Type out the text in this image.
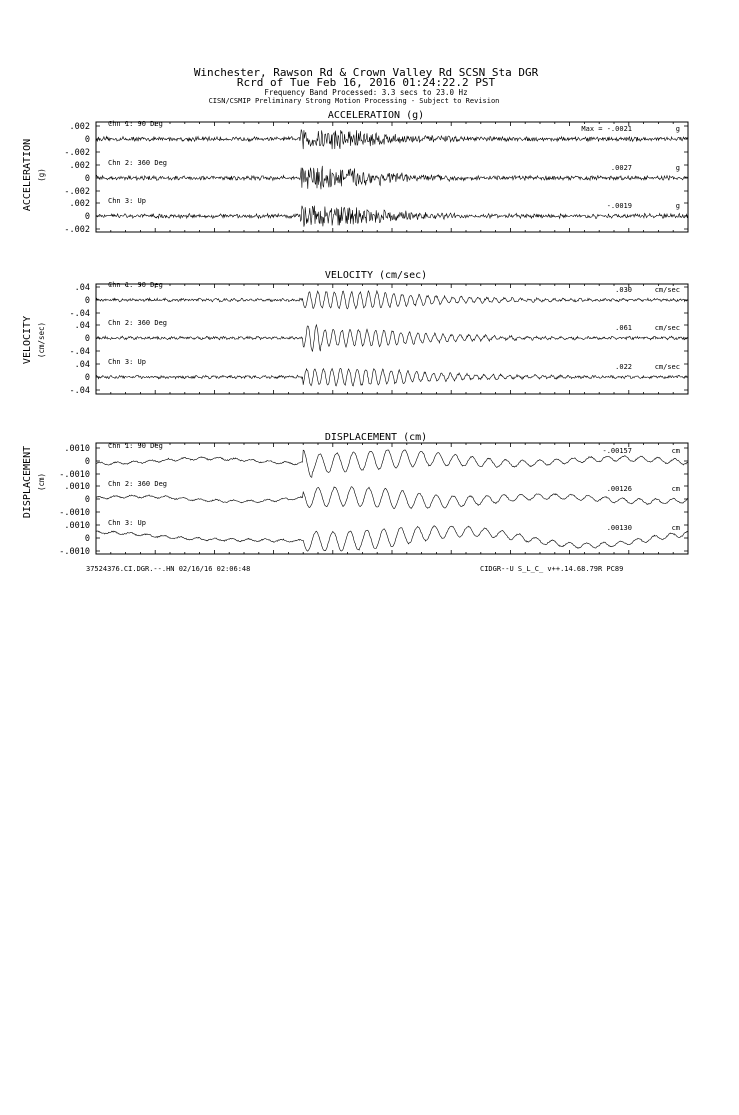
Winchester, Rawson Rd & Crown Valley Rd SCSN Sta DGR
Rcrd of Tue Feb 16, 2016 01:24:22.2 PST
Frequency Band Processed: 3.3 secs to 23.0 Hz
CISN/CSMIP Preliminary Strong Motion Processing - Subject to Revision
ACCELERATION (g)
ACCELERATION (g)
.002
0
-.002
Chn 1: 90 Deg
Max = -.0021	g
.002
0
-.002
Chn 2: 360 Deg
.0027	g
.002
0
-.002
Chn 3: Up
-.0019	g
VELOCITY (cm/sec)
VELOCITY (cm/sec)
.04
0
-.04
Chn 1: 90 Deg
.030	cm/sec
.04
0
-.04
Chn 2: 360 Deg
.061	cm/sec
.04
0
-.04
Chn 3: Up
.022	cm/sec
DISPLACEMENT (cm)
DISPLACEMENT (cm)
.0010
0
-.0010
Chn 1: 90 Deg
-.00157	cm
.0010
0
-.0010
Chn 2: 360 Deg
.00126	cm
.0010
0
-.0010
Chn 3: Up
.00130	cm
37524376.CI.DGR.--.HN 02/16/16 02:06:48	CIDGR--U S_L_C_ v++.14.68.79R PC89
